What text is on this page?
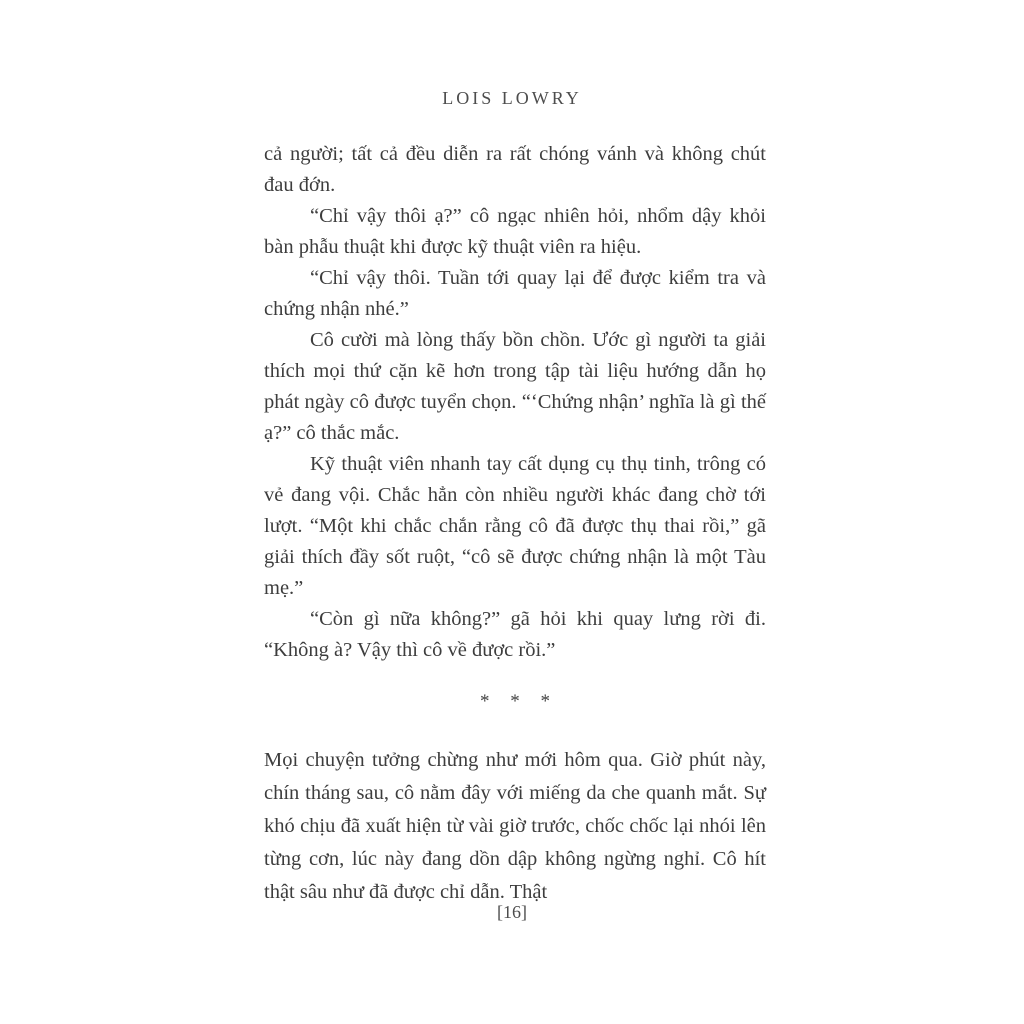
LOIS LOWRY

cả người; tất cả đều diễn ra rất chóng vánh và không chút đau đớn.

“Chỉ vậy thôi ạ?” cô ngạc nhiên hỏi, nhổm dậy khỏi bàn phẫu thuật khi được kỹ thuật viên ra hiệu.

“Chỉ vậy thôi. Tuần tới quay lại để được kiểm tra và chứng nhận nhé.”

Cô cười mà lòng thấy bồn chồn. Ước gì người ta giải thích mọi thứ cặn kẽ hơn trong tập tài liệu hướng dẫn họ phát ngày cô được tuyển chọn. “‘Chứng nhận’ nghĩa là gì thế ạ?” cô thắc mắc.

Kỹ thuật viên nhanh tay cất dụng cụ thụ tinh, trông có vẻ đang vội. Chắc hẳn còn nhiều người khác đang chờ tới lượt. “Một khi chắc chắn rằng cô đã được thụ thai rồi,” gã giải thích đầy sốt ruột, “cô sẽ được chứng nhận là một Tàu mẹ.”

“Còn gì nữa không?” gã hỏi khi quay lưng rời đi. “Không à? Vậy thì cô về được rồi.”

* * *

Mọi chuyện tưởng chừng như mới hôm qua. Giờ phút này, chín tháng sau, cô nằm đây với miếng da che quanh mắt. Sự khó chịu đã xuất hiện từ vài giờ trước, chốc chốc lại nhói lên từng cơn, lúc này đang dồn dập không ngừng nghỉ. Cô hít thật sâu như đã được chỉ dẫn. Thật

[16]
